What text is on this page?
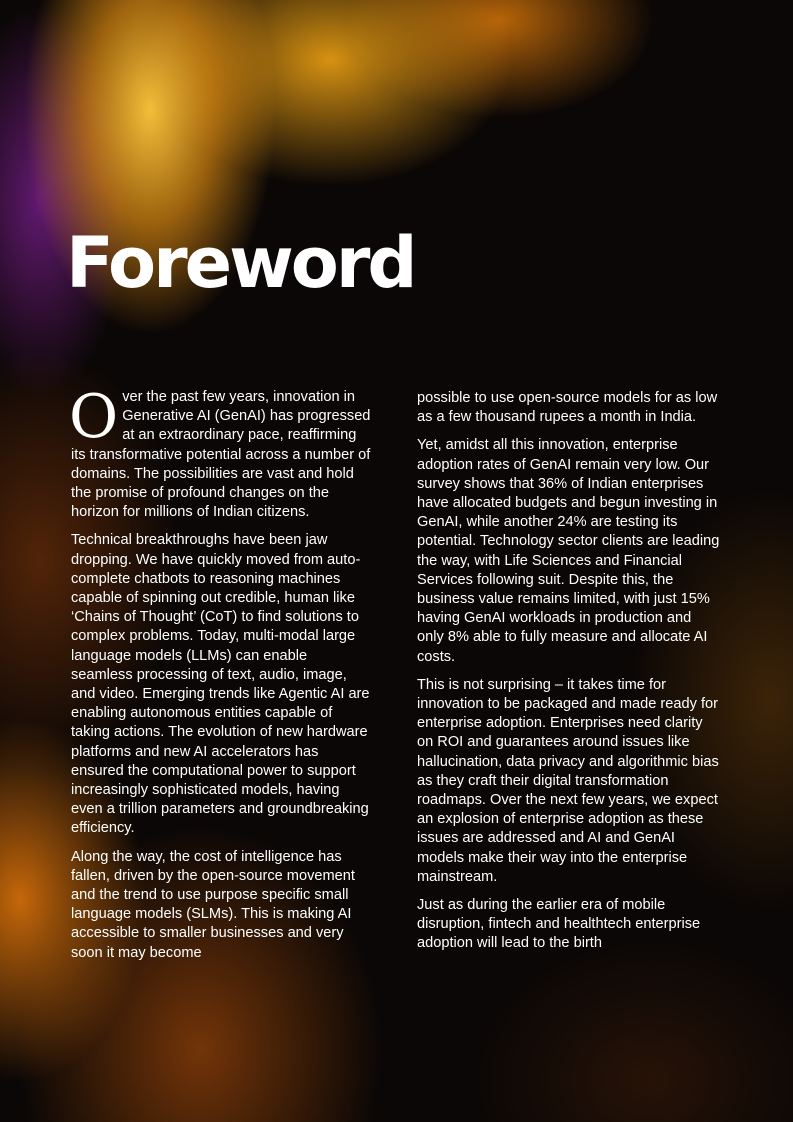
Foreword

Over the past few years, innovation in Generative AI (GenAI) has progressed at an extraordinary pace, reaffirming its transformative potential across a number of domains. The possibilities are vast and hold the promise of profound changes on the horizon for millions of Indian citizens.

Technical breakthroughs have been jaw dropping. We have quickly moved from auto-complete chatbots to reasoning machines capable of spinning out credible, human like ‘Chains of Thought’ (CoT) to find solutions to complex problems. Today, multi-modal large language models (LLMs) can enable seamless processing of text, audio, image, and video. Emerging trends like Agentic AI are enabling autonomous entities capable of taking actions. The evolution of new hardware platforms and new AI accelerators has ensured the computational power to support increasingly sophisticated models, having even a trillion parameters and groundbreaking efficiency.

Along the way, the cost of intelligence has fallen, driven by the open-source movement and the trend to use purpose specific small language models (SLMs). This is making AI accessible to smaller businesses and very soon it may become

possible to use open-source models for as low as a few thousand rupees a month in India.

Yet, amidst all this innovation, enterprise adoption rates of GenAI remain very low. Our survey shows that 36% of Indian enterprises have allocated budgets and begun investing in GenAI, while another 24% are testing its potential. Technology sector clients are leading the way, with Life Sciences and Financial Services following suit. Despite this, the business value remains limited, with just 15% having GenAI workloads in production and only 8% able to fully measure and allocate AI costs.

This is not surprising – it takes time for innovation to be packaged and made ready for enterprise adoption. Enterprises need clarity on ROI and guarantees around issues like hallucination, data privacy and algorithmic bias as they craft their digital transformation roadmaps. Over the next few years, we expect an explosion of enterprise adoption as these issues are addressed and AI and GenAI models make their way into the enterprise mainstream.

Just as during the earlier era of mobile disruption, fintech and healthtech enterprise adoption will lead to the birth
